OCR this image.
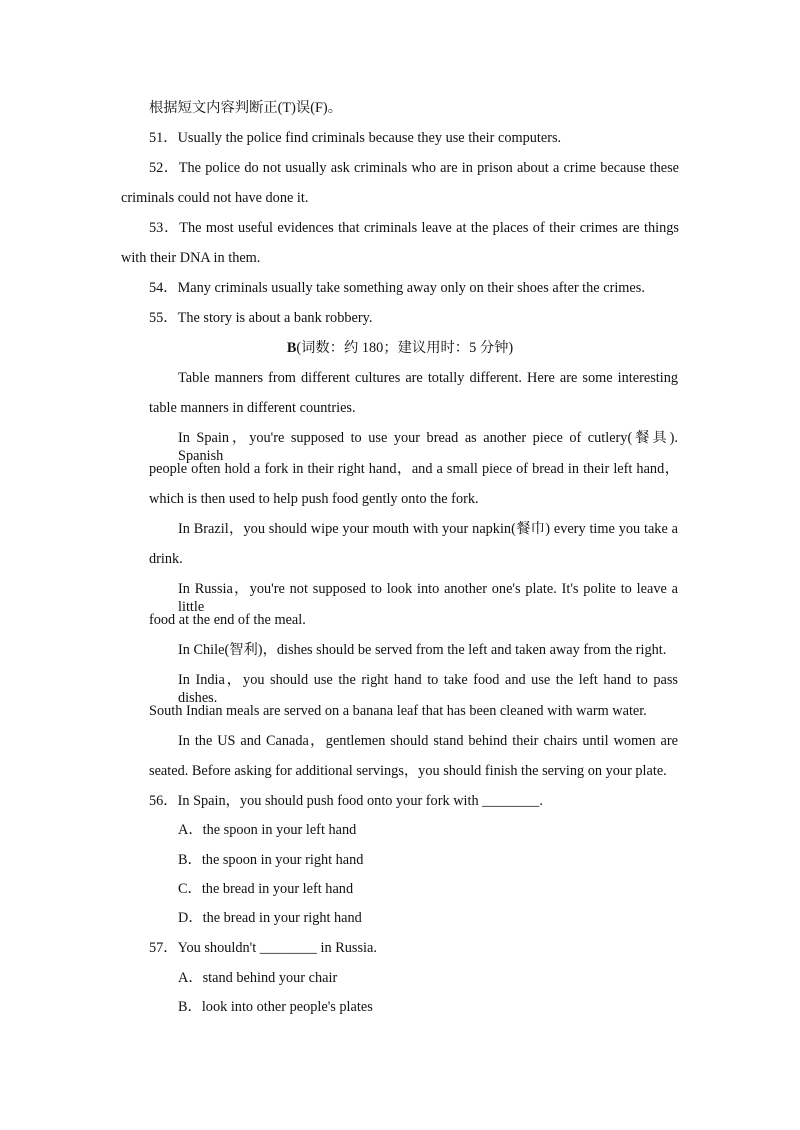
根据短文内容判断正(T)误(F)。
51．Usually the police find criminals because they use their computers.
52．The police do not usually ask criminals who are in prison about a crime because these
criminals could not have done it.
53．The most useful evidences that criminals leave at the places of their crimes are things
with their DNA in them.
54．Many criminals usually take something away only on their shoes after the crimes.
55．The story is about a bank robbery.
B(词数：约 180；建议用时：5 分钟)
Table manners from different cultures are totally different. Here are some interesting
table manners in different countries.
In Spain，you're supposed to use your bread as another piece of cutlery(餐具). Spanish
people often hold a fork in their right hand，and a small piece of bread in their left hand，
which is then used to help push food gently onto the fork.
In Brazil，you should wipe your mouth with your napkin(餐巾) every time you take a
drink.
In Russia，you're not supposed to look into another one's plate. It's polite to leave a little
food at the end of the meal.
In Chile(智利)，dishes should be served from the left and taken away from the right.
In India，you should use the right hand to take food and use the left hand to pass dishes.
South Indian meals are served on a banana leaf that has been cleaned with warm water.
In the US and Canada，gentlemen should stand behind their chairs until women are
seated. Before asking for additional servings，you should finish the serving on your plate.
56．In Spain，you should push food onto your fork with ________.
A．the spoon in your left hand
B．the spoon in your right hand
C．the bread in your left hand
D．the bread in your right hand
57．You shouldn't ________ in Russia.
A．stand behind your chair
B．look into other people's plates
